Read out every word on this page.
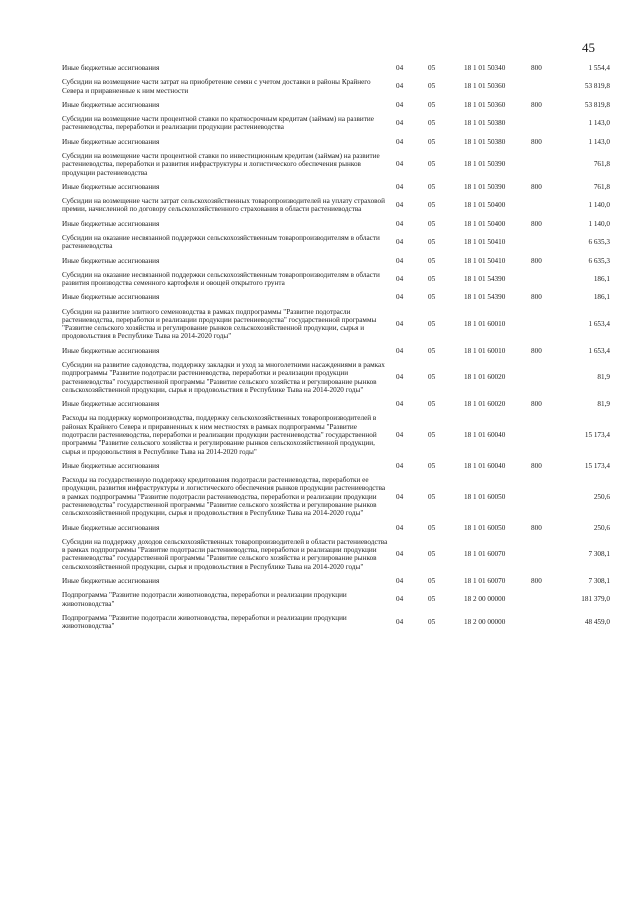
45
Иные бюджетные ассигнования	04	05	18 1 01 50340	800	1 554,4
Субсидии на возмещение части затрат на приобретение семян с учетом доставки в районы Крайнего Севера и приравненные к ним местности	04	05	18 1 01 50360		53 819,8
Иные бюджетные ассигнования	04	05	18 1 01 50360	800	53 819,8
Субсидии на возмещение части процентной ставки по краткосрочным кредитам (займам) на развитие растениеводства, переработки и реализации продукции растениеводства	04	05	18 1 01 50380		1 143,0
Иные бюджетные ассигнования	04	05	18 1 01 50380	800	1 143,0
Субсидии на возмещение части процентной ставки по инвестиционным кредитам (займам) на развитие растениеводства, переработки и развития инфраструктуры и логистического обеспечения рынков продукции растениеводства	04	05	18 1 01 50390		761,8
Иные бюджетные ассигнования	04	05	18 1 01 50390	800	761,8
Субсидии на возмещение части затрат сельскохозяйственных товаропроизводителей на уплату страховой премии, начисленной по договору сельскохозяйственного страхования в области растениеводства	04	05	18 1 01 50400		1 140,0
Иные бюджетные ассигнования	04	05	18 1 01 50400	800	1 140,0
Субсидии на оказание несвязанной поддержки сельскохозяйственным товаропроизводителям в области растениеводства	04	05	18 1 01 50410		6 635,3
Иные бюджетные ассигнования	04	05	18 1 01 50410	800	6 635,3
Субсидии на оказание несвязанной поддержки сельскохозяйственным товаропроизводителям в области развития производства семенного картофеля и овощей открытого грунта	04	05	18 1 01 54390		186,1
Иные бюджетные ассигнования	04	05	18 1 01 54390	800	186,1
Субсидии на развитие элитного семеноводства в рамках подпрограммы "Развитие подотрасли растениеводства, переработки и реализации продукции растениеводства" государственной программы "Развитие сельского хозяйства и регулирование рынков сельскохозяйственной продукции, сырья и продовольствия в Республике Тыва на 2014-2020 годы"	04	05	18 1 01 60010		1 653,4
Иные бюджетные ассигнования	04	05	18 1 01 60010	800	1 653,4
Субсидии на развитие садоводства, поддержку закладки и уход за многолетними насаждениями в рамках подпрограммы "Развитие подотрасли растениеводства, переработки и реализации продукции растениеводства" государственной программы "Развитие сельского хозяйства и регулирование рынков сельскохозяйственной продукции, сырья и продовольствия в Республике Тыва на 2014-2020 годы"	04	05	18 1 01 60020		81,9
Иные бюджетные ассигнования	04	05	18 1 01 60020	800	81,9
Расходы на поддержку кормопроизводства, поддержку сельскохозяйственных товаропроизводителей в районах Крайнего Севера и приравненных к ним местностях в рамках подпрограммы "Развитие подотрасли растениеводства, переработки и реализации продукции растениеводства" государственной программы "Развитие сельского хозяйства и регулирование рынков сельскохозяйственной продукции, сырья и продовольствия в Республике Тыва на 2014-2020 годы"	04	05	18 1 01 60040		15 173,4
Иные бюджетные ассигнования	04	05	18 1 01 60040	800	15 173,4
Расходы на государственную поддержку кредитования подотрасли растениеводства, переработки ее продукции, развития инфраструктуры и логистического обеспечения рынков продукции растениеводства в рамках подпрограммы "Развитие подотрасли растениеводства, переработки и реализации продукции растениеводства" государственной программы "Развитие сельского хозяйства и регулирование рынков сельскохозяйственной продукции, сырья и продовольствия в Республике Тыва на 2014-2020 годы"	04	05	18 1 01 60050		250,6
Иные бюджетные ассигнования	04	05	18 1 01 60050	800	250,6
Субсидии на поддержку доходов сельскохозяйственных товаропроизводителей в области растениеводства в рамках подпрограммы "Развитие подотрасли растениеводства, переработки и реализации продукции растениеводства" государственной программы "Развитие сельского хозяйства и регулирование рынков сельскохозяйственной продукции, сырья и продовольствия в Республике Тыва на 2014-2020 годы"	04	05	18 1 01 60070		7 308,1
Иные бюджетные ассигнования	04	05	18 1 01 60070	800	7 308,1
Подпрограмма "Развитие подотрасли животноводства, переработки и реализации продукции животноводства"	04	05	18 2 00 00000		181 379,0
Подпрограмма "Развитие подотрасли животноводства, переработки и реализации продукции животноводства"	04	05	18 2 00 00000		48 459,0
